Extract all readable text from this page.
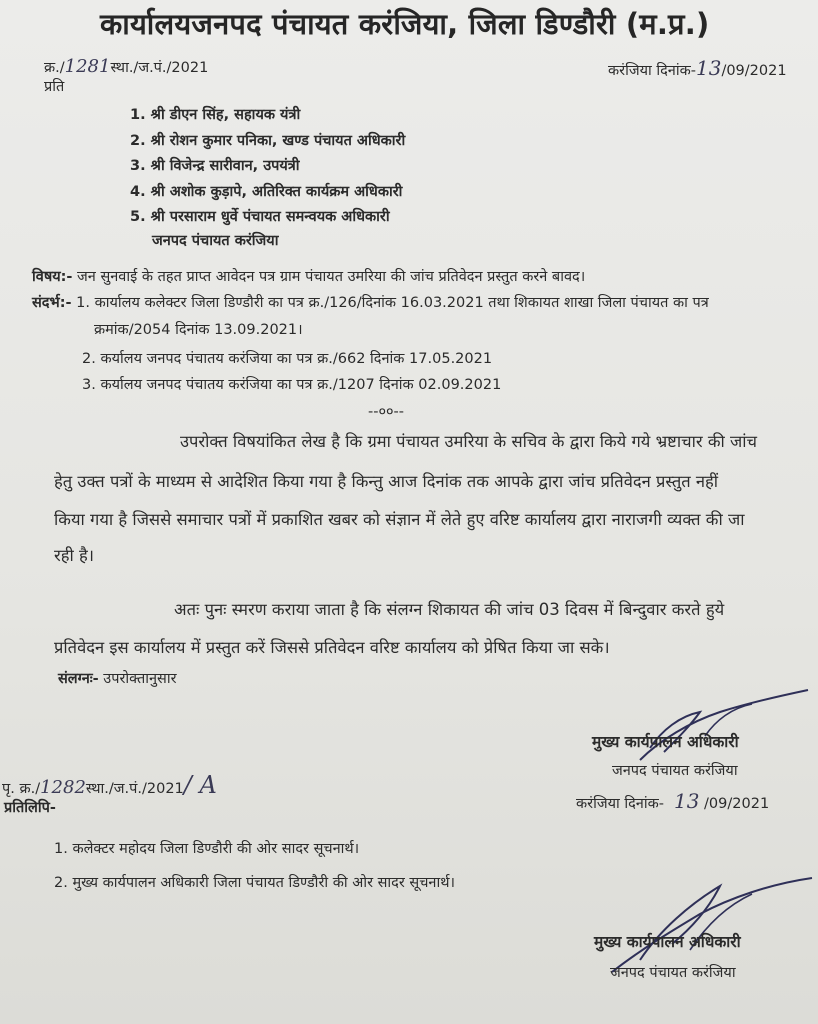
कार्यालयजनपद पंचायत करंजिया, जिला डिण्डौरी (म.प्र.)
क्र./1281स्था./ज.पं./2021	करंजिया दिनांक-13/09/2021
प्रति
1. श्री डीएन सिंह, सहायक यंत्री
2. श्री रोशन कुमार पनिका, खण्ड पंचायत अधिकारी
3. श्री विजेन्द्र सारीवान, उपयंत्री
4. श्री अशोक कुड़ापे, अतिरिक्त कार्यक्रम अधिकारी
5. श्री परसाराम धुर्वे पंचायत समन्वयक अधिकारी
जनपद पंचायत करंजिया
विषय:- जन सुनवाई के तहत प्राप्त आवेदन पत्र ग्राम पंचायत उमरिया की जांच प्रतिवेदन प्रस्तुत करने बावद।
संदर्भ:- 1. कार्यालय कलेक्टर जिला डिण्डौरी का पत्र क्र./126/दिनांक 16.03.2021 तथा शिकायत शाखा जिला पंचायत का पत्र
क्रमांक/2054 दिनांक 13.09.2021।
2. कर्यालय जनपद पंचातय करंजिया का पत्र क्र./662 दिनांक 17.05.2021
3. कर्यालय जनपद पंचातय करंजिया का पत्र क्र./1207 दिनांक 02.09.2021
--००--
उपरोक्त विषयांकित लेख है कि ग्रमा पंचायत उमरिया के सचिव के द्वारा किये गये भ्रष्टाचार की जांच
हेतु उक्त पत्रों के माध्यम से आदेशित किया गया है किन्तु आज दिनांक तक आपके द्वारा जांच प्रतिवेदन प्रस्तुत नहीं
किया गया है जिससे समाचार पत्रों में प्रकाशित खबर को संज्ञान में लेते हुए वरिष्ट कार्यालय द्वारा नाराजगी व्यक्त की जा
रही है।
अतः पुनः स्मरण कराया जाता है कि संलग्न शिकायत की जांच 03 दिवस में बिन्दुवार करते हुये
प्रतिवेदन इस कार्यालय में प्रस्तुत करें जिससे प्रतिवेदन वरिष्ट कार्यालय को प्रेषित किया जा सके।
संलग्नः- उपरोक्तानुसार
मुख्य कार्यपालन अधिकारी
जनपद पंचायत करंजिया
करंजिया दिनांक- 13 /09/2021
पृ. क्र./1282स्था./ज.पं./2021/ A
प्रतिलिपि-
1. कलेक्टर महोदय जिला डिण्डौरी की ओर सादर सूचनार्थ।
2. मुख्य कार्यपालन अधिकारी जिला पंचायत डिण्डौरी की ओर सादर सूचनार्थ।
मुख्य कार्यपालन अधिकारी
जनपद पंचायत करंजिया
